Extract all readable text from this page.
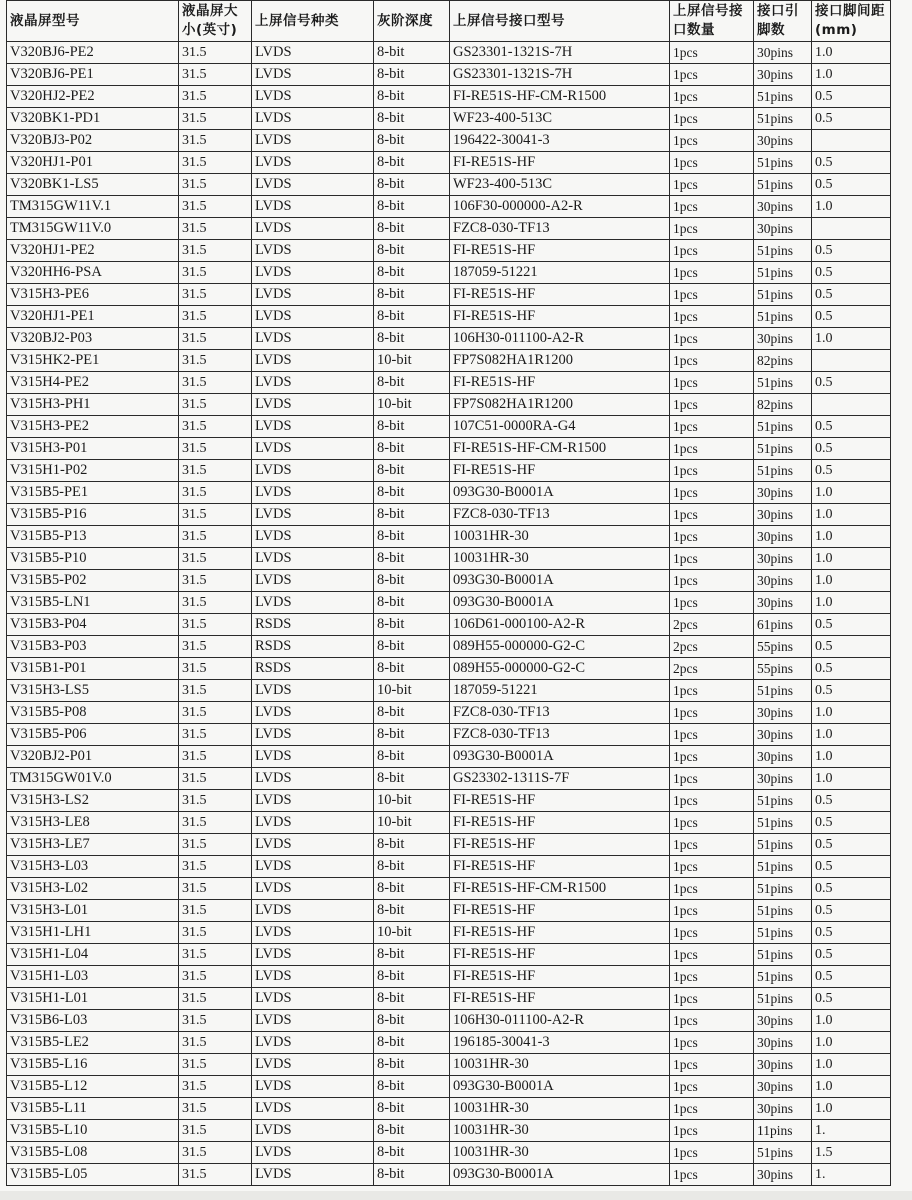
液晶屏型号	液晶屏大小(英寸)	上屏信号种类	灰阶深度	上屏信号接口型号	上屏信号接口数量	接口引脚数	接口脚间距(mm)
V320BJ6-PE2	31.5	LVDS	8-bit	GS23301-1321S-7H	1pcs	30pins	1.0
V320BJ6-PE1	31.5	LVDS	8-bit	GS23301-1321S-7H	1pcs	30pins	1.0
V320HJ2-PE2	31.5	LVDS	8-bit	FI-RE51S-HF-CM-R1500	1pcs	51pins	0.5
V320BK1-PD1	31.5	LVDS	8-bit	WF23-400-513C	1pcs	51pins	0.5
V320BJ3-P02	31.5	LVDS	8-bit	196422-30041-3	1pcs	30pins	
V320HJ1-P01	31.5	LVDS	8-bit	FI-RE51S-HF	1pcs	51pins	0.5
V320BK1-LS5	31.5	LVDS	8-bit	WF23-400-513C	1pcs	51pins	0.5
TM315GW11V.1	31.5	LVDS	8-bit	106F30-000000-A2-R	1pcs	30pins	1.0
TM315GW11V.0	31.5	LVDS	8-bit	FZC8-030-TF13	1pcs	30pins	
V320HJ1-PE2	31.5	LVDS	8-bit	FI-RE51S-HF	1pcs	51pins	0.5
V320HH6-PSA	31.5	LVDS	8-bit	187059-51221	1pcs	51pins	0.5
V315H3-PE6	31.5	LVDS	8-bit	FI-RE51S-HF	1pcs	51pins	0.5
V320HJ1-PE1	31.5	LVDS	8-bit	FI-RE51S-HF	1pcs	51pins	0.5
V320BJ2-P03	31.5	LVDS	8-bit	106H30-011100-A2-R	1pcs	30pins	1.0
V315HK2-PE1	31.5	LVDS	10-bit	FP7S082HA1R1200	1pcs	82pins	
V315H4-PE2	31.5	LVDS	8-bit	FI-RE51S-HF	1pcs	51pins	0.5
V315H3-PH1	31.5	LVDS	10-bit	FP7S082HA1R1200	1pcs	82pins	
V315H3-PE2	31.5	LVDS	8-bit	107C51-0000RA-G4	1pcs	51pins	0.5
V315H3-P01	31.5	LVDS	8-bit	FI-RE51S-HF-CM-R1500	1pcs	51pins	0.5
V315H1-P02	31.5	LVDS	8-bit	FI-RE51S-HF	1pcs	51pins	0.5
V315B5-PE1	31.5	LVDS	8-bit	093G30-B0001A	1pcs	30pins	1.0
V315B5-P16	31.5	LVDS	8-bit	FZC8-030-TF13	1pcs	30pins	1.0
V315B5-P13	31.5	LVDS	8-bit	10031HR-30	1pcs	30pins	1.0
V315B5-P10	31.5	LVDS	8-bit	10031HR-30	1pcs	30pins	1.0
V315B5-P02	31.5	LVDS	8-bit	093G30-B0001A	1pcs	30pins	1.0
V315B5-LN1	31.5	LVDS	8-bit	093G30-B0001A	1pcs	30pins	1.0
V315B3-P04	31.5	RSDS	8-bit	106D61-000100-A2-R	2pcs	61pins	0.5
V315B3-P03	31.5	RSDS	8-bit	089H55-000000-G2-C	2pcs	55pins	0.5
V315B1-P01	31.5	RSDS	8-bit	089H55-000000-G2-C	2pcs	55pins	0.5
V315H3-LS5	31.5	LVDS	10-bit	187059-51221	1pcs	51pins	0.5
V315B5-P08	31.5	LVDS	8-bit	FZC8-030-TF13	1pcs	30pins	1.0
V315B5-P06	31.5	LVDS	8-bit	FZC8-030-TF13	1pcs	30pins	1.0
V320BJ2-P01	31.5	LVDS	8-bit	093G30-B0001A	1pcs	30pins	1.0
TM315GW01V.0	31.5	LVDS	8-bit	GS23302-1311S-7F	1pcs	30pins	1.0
V315H3-LS2	31.5	LVDS	10-bit	FI-RE51S-HF	1pcs	51pins	0.5
V315H3-LE8	31.5	LVDS	10-bit	FI-RE51S-HF	1pcs	51pins	0.5
V315H3-LE7	31.5	LVDS	8-bit	FI-RE51S-HF	1pcs	51pins	0.5
V315H3-L03	31.5	LVDS	8-bit	FI-RE51S-HF	1pcs	51pins	0.5
V315H3-L02	31.5	LVDS	8-bit	FI-RE51S-HF-CM-R1500	1pcs	51pins	0.5
V315H3-L01	31.5	LVDS	8-bit	FI-RE51S-HF	1pcs	51pins	0.5
V315H1-LH1	31.5	LVDS	10-bit	FI-RE51S-HF	1pcs	51pins	0.5
V315H1-L04	31.5	LVDS	8-bit	FI-RE51S-HF	1pcs	51pins	0.5
V315H1-L03	31.5	LVDS	8-bit	FI-RE51S-HF	1pcs	51pins	0.5
V315H1-L01	31.5	LVDS	8-bit	FI-RE51S-HF	1pcs	51pins	0.5
V315B6-L03	31.5	LVDS	8-bit	106H30-011100-A2-R	1pcs	30pins	1.0
V315B5-LE2	31.5	LVDS	8-bit	196185-30041-3	1pcs	30pins	1.0
V315B5-L16	31.5	LVDS	8-bit	10031HR-30	1pcs	30pins	1.0
V315B5-L12	31.5	LVDS	8-bit	093G30-B0001A	1pcs	30pins	1.0
V315B5-L11	31.5	LVDS	8-bit	10031HR-30	1pcs	30pins	1.0
V315B5-L10	31.5	LVDS	8-bit	10031HR-30	1pcs	11pins	1.
V315B5-L08	31.5	LVDS	8-bit	10031HR-30	1pcs	51pins	1.5
V315B5-L05	31.5	LVDS	8-bit	093G30-B0001A	1pcs	30pins	1.
